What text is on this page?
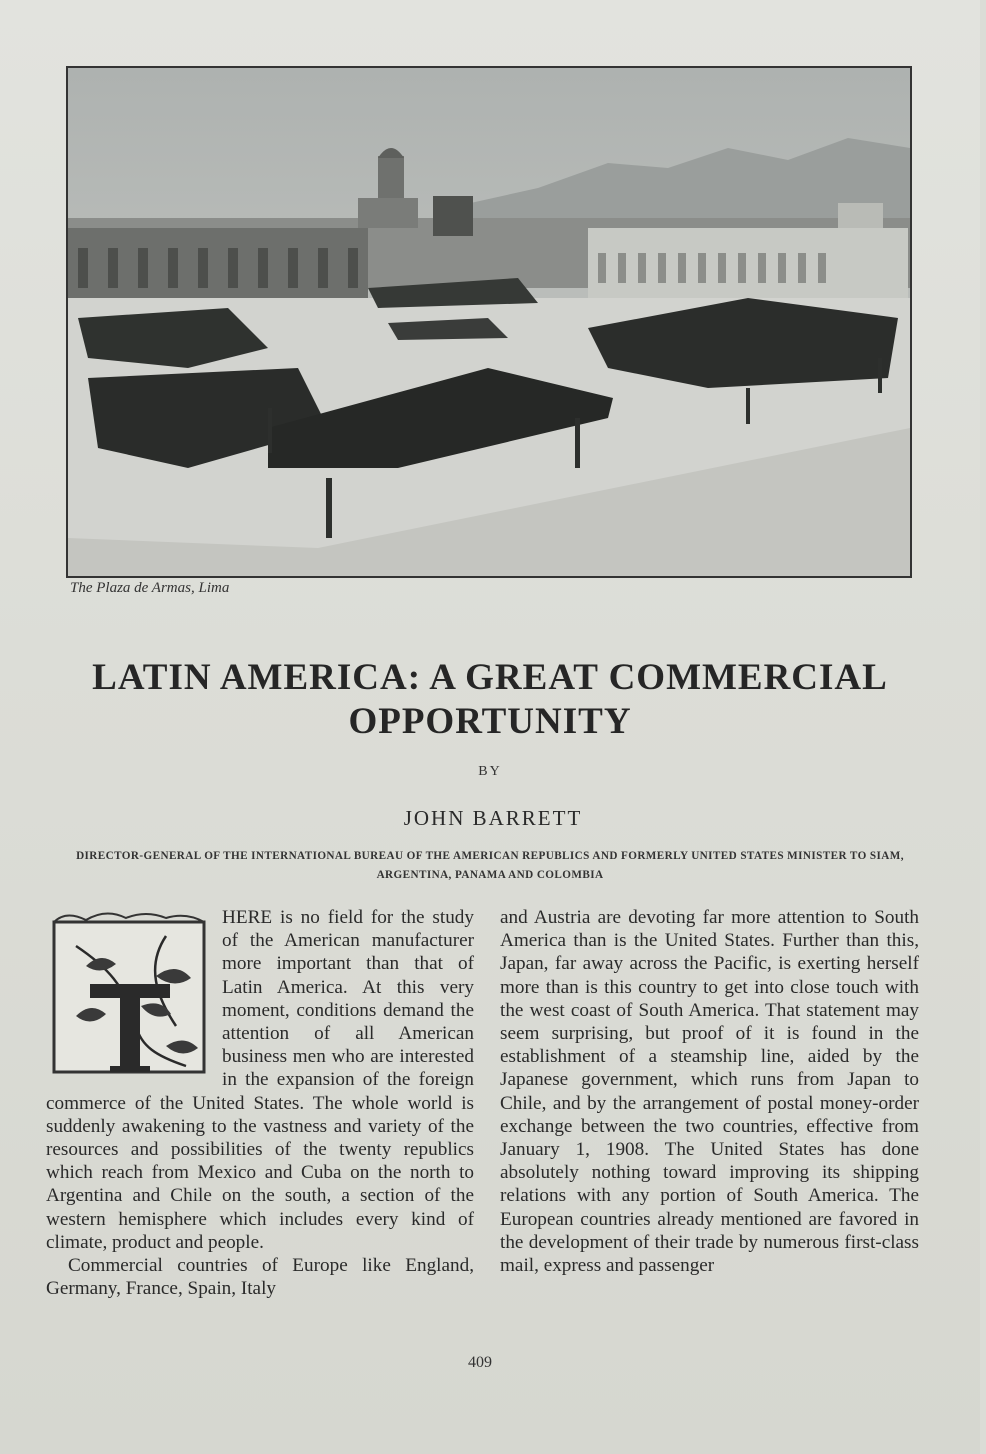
The Plaza de Armas, Lima
LATIN AMERICA: A GREAT COMMERCIAL OPPORTUNITY
BY
JOHN BARRETT
DIRECTOR-GENERAL OF THE INTERNATIONAL BUREAU OF THE AMERICAN REPUBLICS AND FORMERLY UNITED STATES MINISTER TO SIAM, ARGENTINA, PANAMA AND COLOMBIA
T

HERE is no field for the study of the American manufacturer more important than that of Latin America. At this very moment, conditions demand the attention of all American business men who are interested in the expansion of the foreign commerce of the United States. The whole world is suddenly awakening to the vastness and variety of the resources and possibilities of the twenty republics which reach from Mexico and Cuba on the north to Argentina and Chile on the south, a section of the western hemisphere which includes every kind of climate, product and people.

Commercial countries of Europe like England, Germany, France, Spain, Italy

and Austria are devoting far more attention to South America than is the United States. Further than this, Japan, far away across the Pacific, is exerting herself more than is this country to get into close touch with the west coast of South America. That statement may seem surprising, but proof of it is found in the establishment of a steamship line, aided by the Japanese government, which runs from Japan to Chile, and by the arrangement of postal money-order exchange between the two countries, effective from January 1, 1908. The United States has done absolutely nothing toward improving its shipping relations with any portion of South America. The European countries already mentioned are favored in the development of their trade by numerous first-class mail, express and passenger

409
